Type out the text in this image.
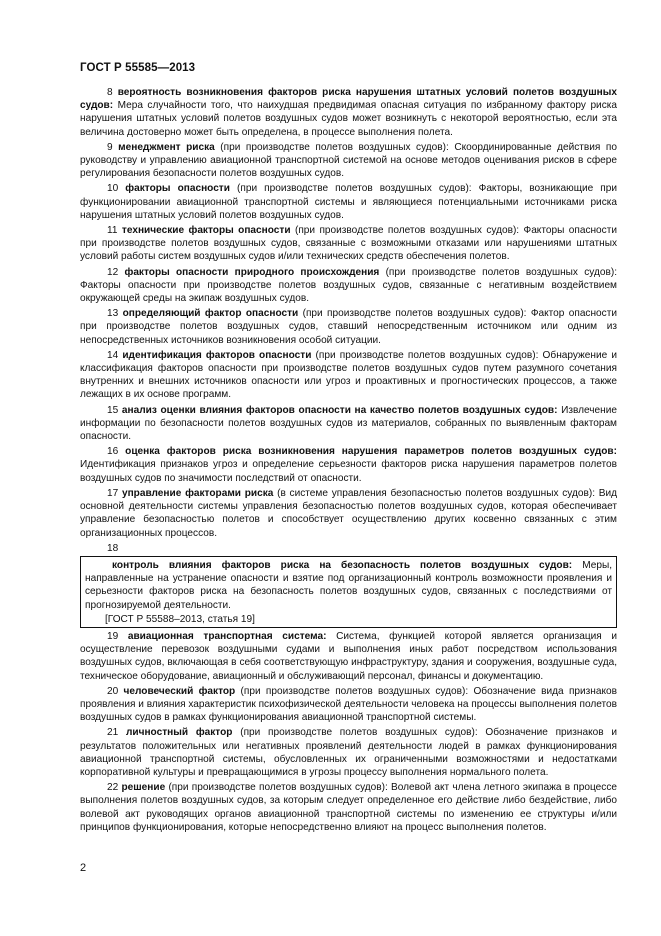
ГОСТ Р 55585—2013

8 вероятность возникновения факторов риска нарушения штатных условий полетов воздушных судов: Мера случайности того, что наихудшая предвидимая опасная ситуация по избранному фактору риска нарушения штатных условий полетов воздушных судов может возникнуть с некоторой вероятностью, если эта величина достоверно может быть определена, в процессе выполнения полета.

9 менеджмент риска (при производстве полетов воздушных судов): Скоординированные действия по руководству и управлению авиационной транспортной системой на основе методов оценивания рисков в сфере регулирования безопасности полетов воздушных судов.

10 факторы опасности (при производстве полетов воздушных судов): Факторы, возникающие при функционировании авиационной транспортной системы и являющиеся потенциальными источниками риска нарушения штатных условий полетов воздушных судов.

11 технические факторы опасности (при производстве полетов воздушных судов): Факторы опасности при производстве полетов воздушных судов, связанные с возможными отказами или нарушениями штатных условий работы систем воздушных судов и/или технических средств обеспечения полетов.

12 факторы опасности природного происхождения (при производстве полетов воздушных судов): Факторы опасности при производстве полетов воздушных судов, связанные с негативным воздействием окружающей среды на экипаж воздушных судов.

13 определяющий фактор опасности (при производстве полетов воздушных судов): Фактор опасности при производстве полетов воздушных судов, ставший непосредственным источником или одним из непосредственных источников возникновения особой ситуации.

14 идентификация факторов опасности (при производстве полетов воздушных судов): Обнаружение и классификация факторов опасности при производстве полетов воздушных судов путем разумного сочетания внутренних и внешних источников опасности или угроз и проактивных и прогностических процессов, а также лежащих в их основе программ.

15 анализ оценки влияния факторов опасности на качество полетов воздушных судов: Извлечение информации по безопасности полетов воздушных судов из материалов, собранных по выявленным факторам опасности.

16 оценка факторов риска возникновения нарушения параметров полетов воздушных судов: Идентификация признаков угроз и определение серьезности факторов риска нарушения параметров полетов воздушных судов по значимости последствий от опасности.

17 управление факторами риска (в системе управления безопасностью полетов воздушных судов): Вид основной деятельности системы управления безопасностью полетов воздушных судов, которая обеспечивает управление безопасностью полетов и способствует осуществлению других косвенно связанных с этим организационных процессов.

18

контроль влияния факторов риска на безопасность полетов воздушных судов: Меры, направленные на устранение опасности и взятие под организационный контроль возможности проявления и серьезности факторов риска на безопасность полетов воздушных судов, связанных с последствиями от прогнозируемой деятельности.

[ГОСТ Р 55588–2013, статья 19]

19 авиационная транспортная система: Система, функцией которой является организация и осуществление перевозок воздушными судами и выполнения иных работ посредством использования воздушных судов, включающая в себя соответствующую инфраструктуру, здания и сооружения, воздушные суда, техническое оборудование, авиационный и обслуживающий персонал, финансы и документацию.

20 человеческий фактор (при производстве полетов воздушных судов): Обозначение вида признаков проявления и влияния характеристик психофизической деятельности человека на процессы выполнения полетов воздушных судов в рамках функционирования авиационной транспортной системы.

21 личностный фактор (при производстве полетов воздушных судов): Обозначение признаков и результатов положительных или негативных проявлений деятельности людей в рамках функционирования авиационной транспортной системы, обусловленных их ограниченными возможностями и недостатками корпоративной культуры и превращающимися в угрозы процессу выполнения нормального полета.

22 решение (при производстве полетов воздушных судов): Волевой акт члена летного экипажа в процессе выполнения полетов воздушных судов, за которым следует определенное его действие либо бездействие, либо волевой акт руководящих органов авиационной транспортной системы по изменению ее структуры и/или принципов функционирования, которые непосредственно влияют на процесс выполнения полетов.

2
